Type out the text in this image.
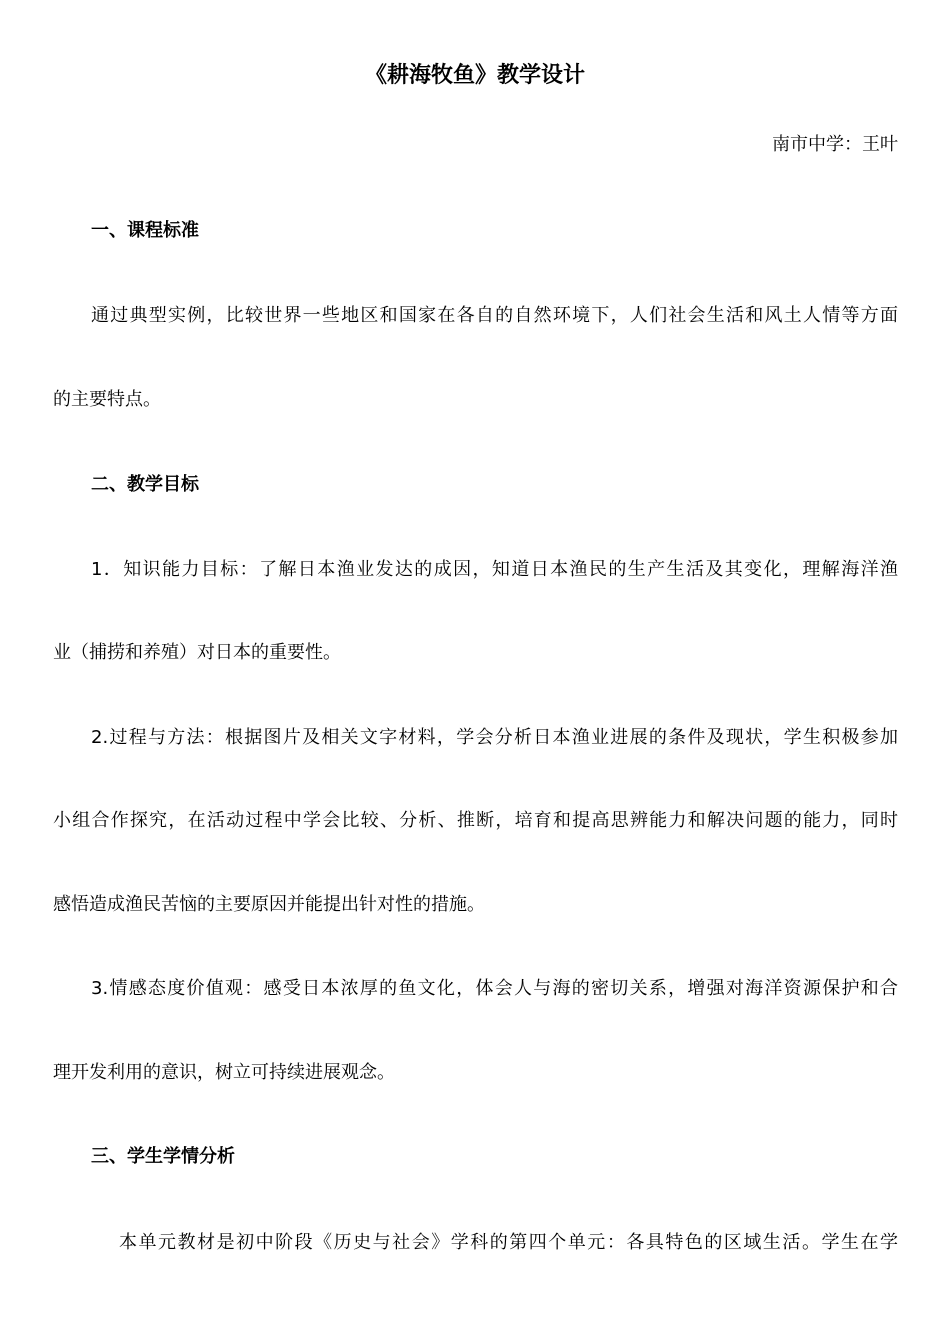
《耕海牧鱼》教学设计
南市中学：王叶
一、课程标准
通过典型实例，比较世界一些地区和国家在各自的自然环境下，人们社会生活和风土人情等方面
的主要特点。
二、教学目标
1．知识能力目标：了解日本渔业发达的成因，知道日本渔民的生产生活及其变化，理解海洋渔
业（捕捞和养殖）对日本的重要性。
2.过程与方法：根据图片及相关文字材料，学会分析日本渔业进展的条件及现状，学生积极参加
小组合作探究，在活动过程中学会比较、分析、推断，培育和提高思辨能力和解决问题的能力，同时
感悟造成渔民苦恼的主要原因并能提出针对性的措施。
3.情感态度价值观：感受日本浓厚的鱼文化，体会人与海的密切关系，增强对海洋资源保护和合
理开发利用的意识，树立可持续进展观念。
三、学生学情分析
本单元教材是初中阶段《历史与社会》学科的第四个单元：各具特色的区域生活。学生在学
